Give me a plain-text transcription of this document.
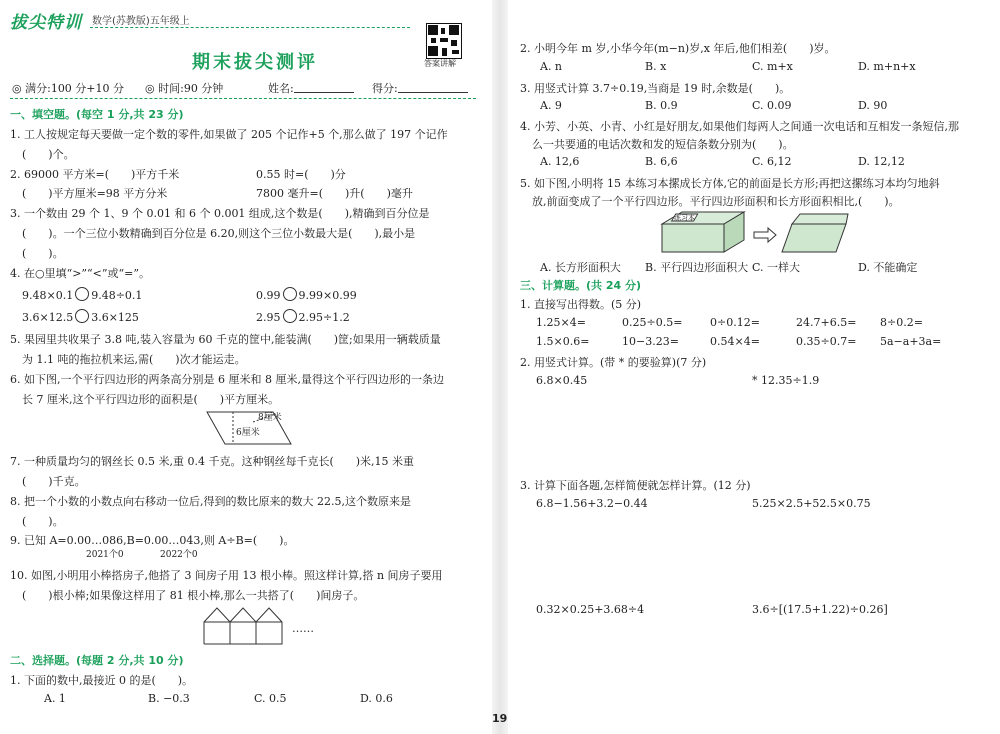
拔尖特训 数学(苏教版)五年级上
答案讲解
期末拔尖测评
◎ 满分:100 分+10 分 ◎ 时间:90 分钟	姓名:	得分:
一、填空题。(每空 1 分,共 23 分)
1. 工人按规定每天要做一定个数的零件,如果做了 205 个记作+5 个,那么做了 197 个记作
(　　)个。
2. 69000 平方米=(　　)平方千米	0.55 时=(　　)分
(　　)平方厘米=98 平方分米	7800 毫升=(　　)升(　　)毫升
3. 一个数由 29 个 1、9 个 0.01 和 6 个 0.001 组成,这个数是(　　),精确到百分位是
(　　)。一个三位小数精确到百分位是 6.20,则这个三位小数最大是(　　),最小是
(　　)。
4. 在○里填“>”“<”或“=”。
9.48×0.1 9.48÷0.1	0.99 9.99×0.99
3.6×12.5 3.6×125	2.95 2.95÷1.2
5. 果园里共收果子 3.8 吨,装入容量为 60 千克的筐中,能装满(　　)筐;如果用一辆载质量
为 1.1 吨的拖拉机来运,需(　　)次才能运走。
6. 如下图,一个平行四边形的两条高分别是 6 厘米和 8 厘米,量得这个平行四边形的一条边
长 7 厘米,这个平行四边形的面积是(　　)平方厘米。
8厘米
6厘米
7. 一种质量均匀的钢丝长 0.5 米,重 0.4 千克。这种钢丝每千克长(　　)米,15 米重
(　　)千克。
8. 把一个小数的小数点向右移动一位后,得到的数比原来的数大 22.5,这个数原来是
(　　)。
9. 已知 A=0.00…086,B=0.00…043,则 A÷B=(　　)。
2021个0	2022个0
10. 如图,小明用小棒搭房子,他搭了 3 间房子用 13 根小棒。照这样计算,搭 n 间房子要用
(　　)根小棒;如果像这样用了 81 根小棒,那么一共搭了(　　)间房子。
……
二、选择题。(每题 2 分,共 10 分)
1. 下面的数中,最接近 0 的是(　　)。
A. 1	B. −0.3	C. 0.5	D. 0.6
19
2. 小明今年 m 岁,小华今年(m−n)岁,x 年后,他们相差(　　)岁。
A. n	B. x	C. m+x	D. m+n+x
3. 用竖式计算 3.7÷0.19,当商是 19 时,余数是(　　)。
A. 9	B. 0.9	C. 0.09	D. 90
4. 小芳、小英、小青、小红是好朋友,如果他们每两人之间通一次电话和互相发一条短信,那
么一共要通的电话次数和发的短信条数分别为(　　)。
A. 12,6	B. 6,6	C. 6,12	D. 12,12
5. 如下图,小明将 15 本练习本摞成长方体,它的前面是长方形;再把这摞练习本均匀地斜
放,前面变成了一个平行四边形。平行四边形面积和长方形面积相比,(　　)。
练习本
A. 长方形面积大 B. 平行四边形面积大 C. 一样大	D. 不能确定
三、计算题。(共 24 分)
1. 直接写出得数。(5 分)
1.25×4=	0.25÷0.5=	0÷0.12=	24.7+6.5= 8÷0.2=
1.5×0.6=	10−3.23=	0.54×4=	0.35÷0.7= 5a−a+3a=
2. 用竖式计算。(带 * 的要验算)(7 分)
6.8×0.45	* 12.35÷1.9
3. 计算下面各题,怎样简便就怎样计算。(12 分)
6.8−1.56+3.2−0.44	5.25×2.5+52.5×0.75
0.32×0.25+3.68÷4	3.6÷[(17.5+1.22)÷0.26]
